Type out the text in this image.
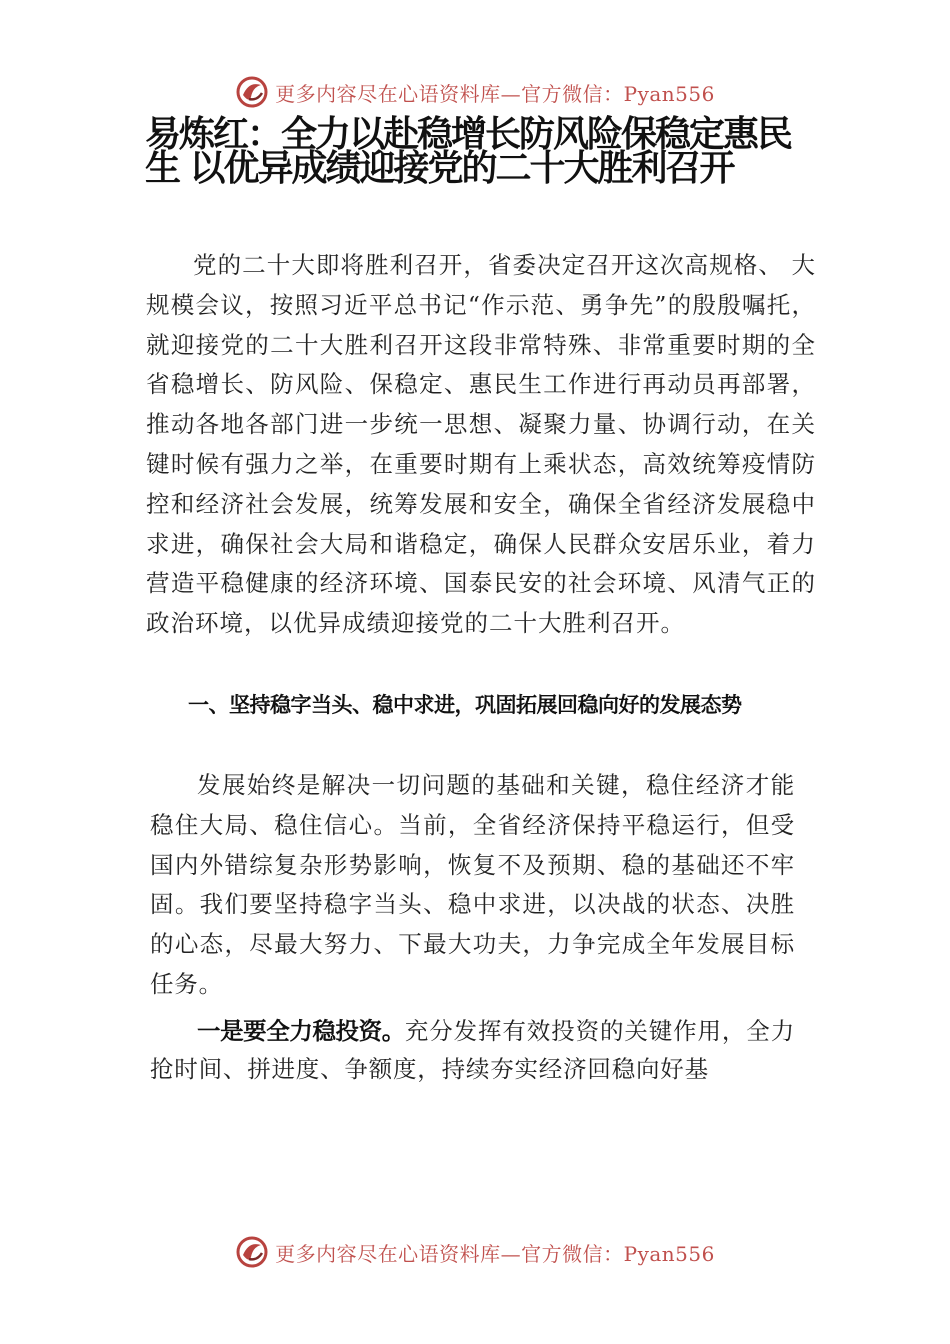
更多内容尽在心语资料库—官方微信：Pyan556
易炼红：全力以赴稳增长防风险保稳定惠民生 以优异成绩迎接党的二十大胜利召开

党的二十大即将胜利召开，省委决定召开这次高规格、 大规模会议，按照习近平总书记“作示范、勇争先”的殷殷嘱托，就迎接党的二十大胜利召开这段非常特殊、非常重要时期的全省稳增长、防风险、保稳定、惠民生工作进行再动员再部署，推动各地各部门进一步统一思想、凝聚力量、协调行动，在关键时候有强力之举，在重要时期有上乘状态，高效统筹疫情防控和经济社会发展，统筹发展和安全，确保全省经济发展稳中求进，确保社会大局和谐稳定，确保人民群众安居乐业，着力营造平稳健康的经济环境、国泰民安的社会环境、风清气正的政治环境，以优异成绩迎接党的二十大胜利召开。

一、坚持稳字当头、稳中求进，巩固拓展回稳向好的发展态势

发展始终是解决一切问题的基础和关键，稳住经济才能稳住大局、稳住信心。当前，全省经济保持平稳运行，但受国内外错综复杂形势影响，恢复不及预期、稳的基础还不牢固。我们要坚持稳字当头、稳中求进，以决战的状态、决胜的心态，尽最大努力、下最大功夫，力争完成全年发展目标任务。

一是要全力稳投资。充分发挥有效投资的关键作用，全力抢时间、拼进度、争额度，持续夯实经济回稳向好基

更多内容尽在心语资料库—官方微信：Pyan556
